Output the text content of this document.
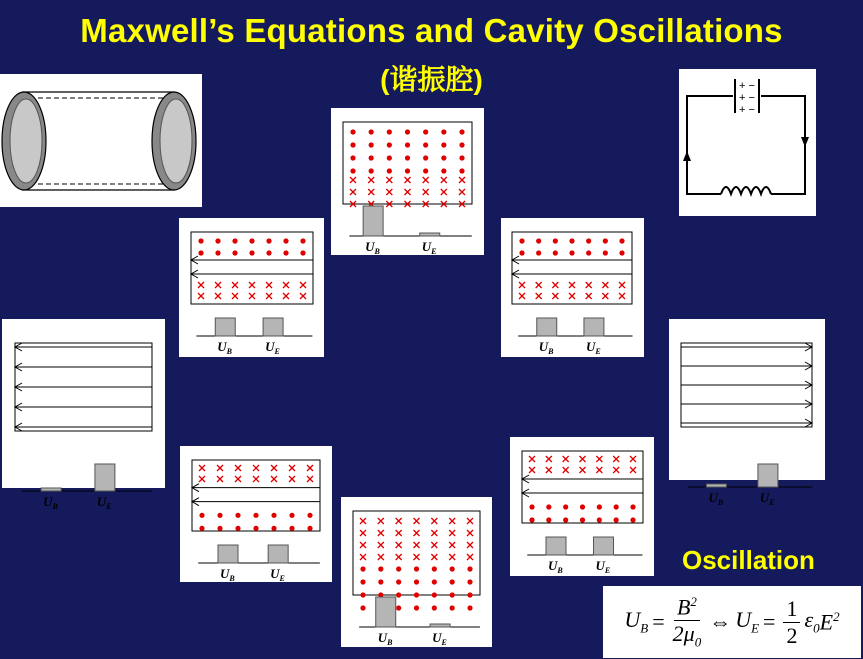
Maxwell’s Equations and Cavity Oscillations
(谐振腔)	+ −
+ −
+ −
$U_B$	$U_E$
$U_B$ $U_E$
$U_B$	$U_E$
$U_B$	$U_E$
$U_B$	$U_E$
$U_B$	$U_E$
$U_B$	$U_E$
$U_B$	$U_E$
Oscillation
$U_B = \frac{B^2}{2\mu_0}$ ⇔ $U_E = \frac{1}{2} \varepsilon_0$ $E^2$
